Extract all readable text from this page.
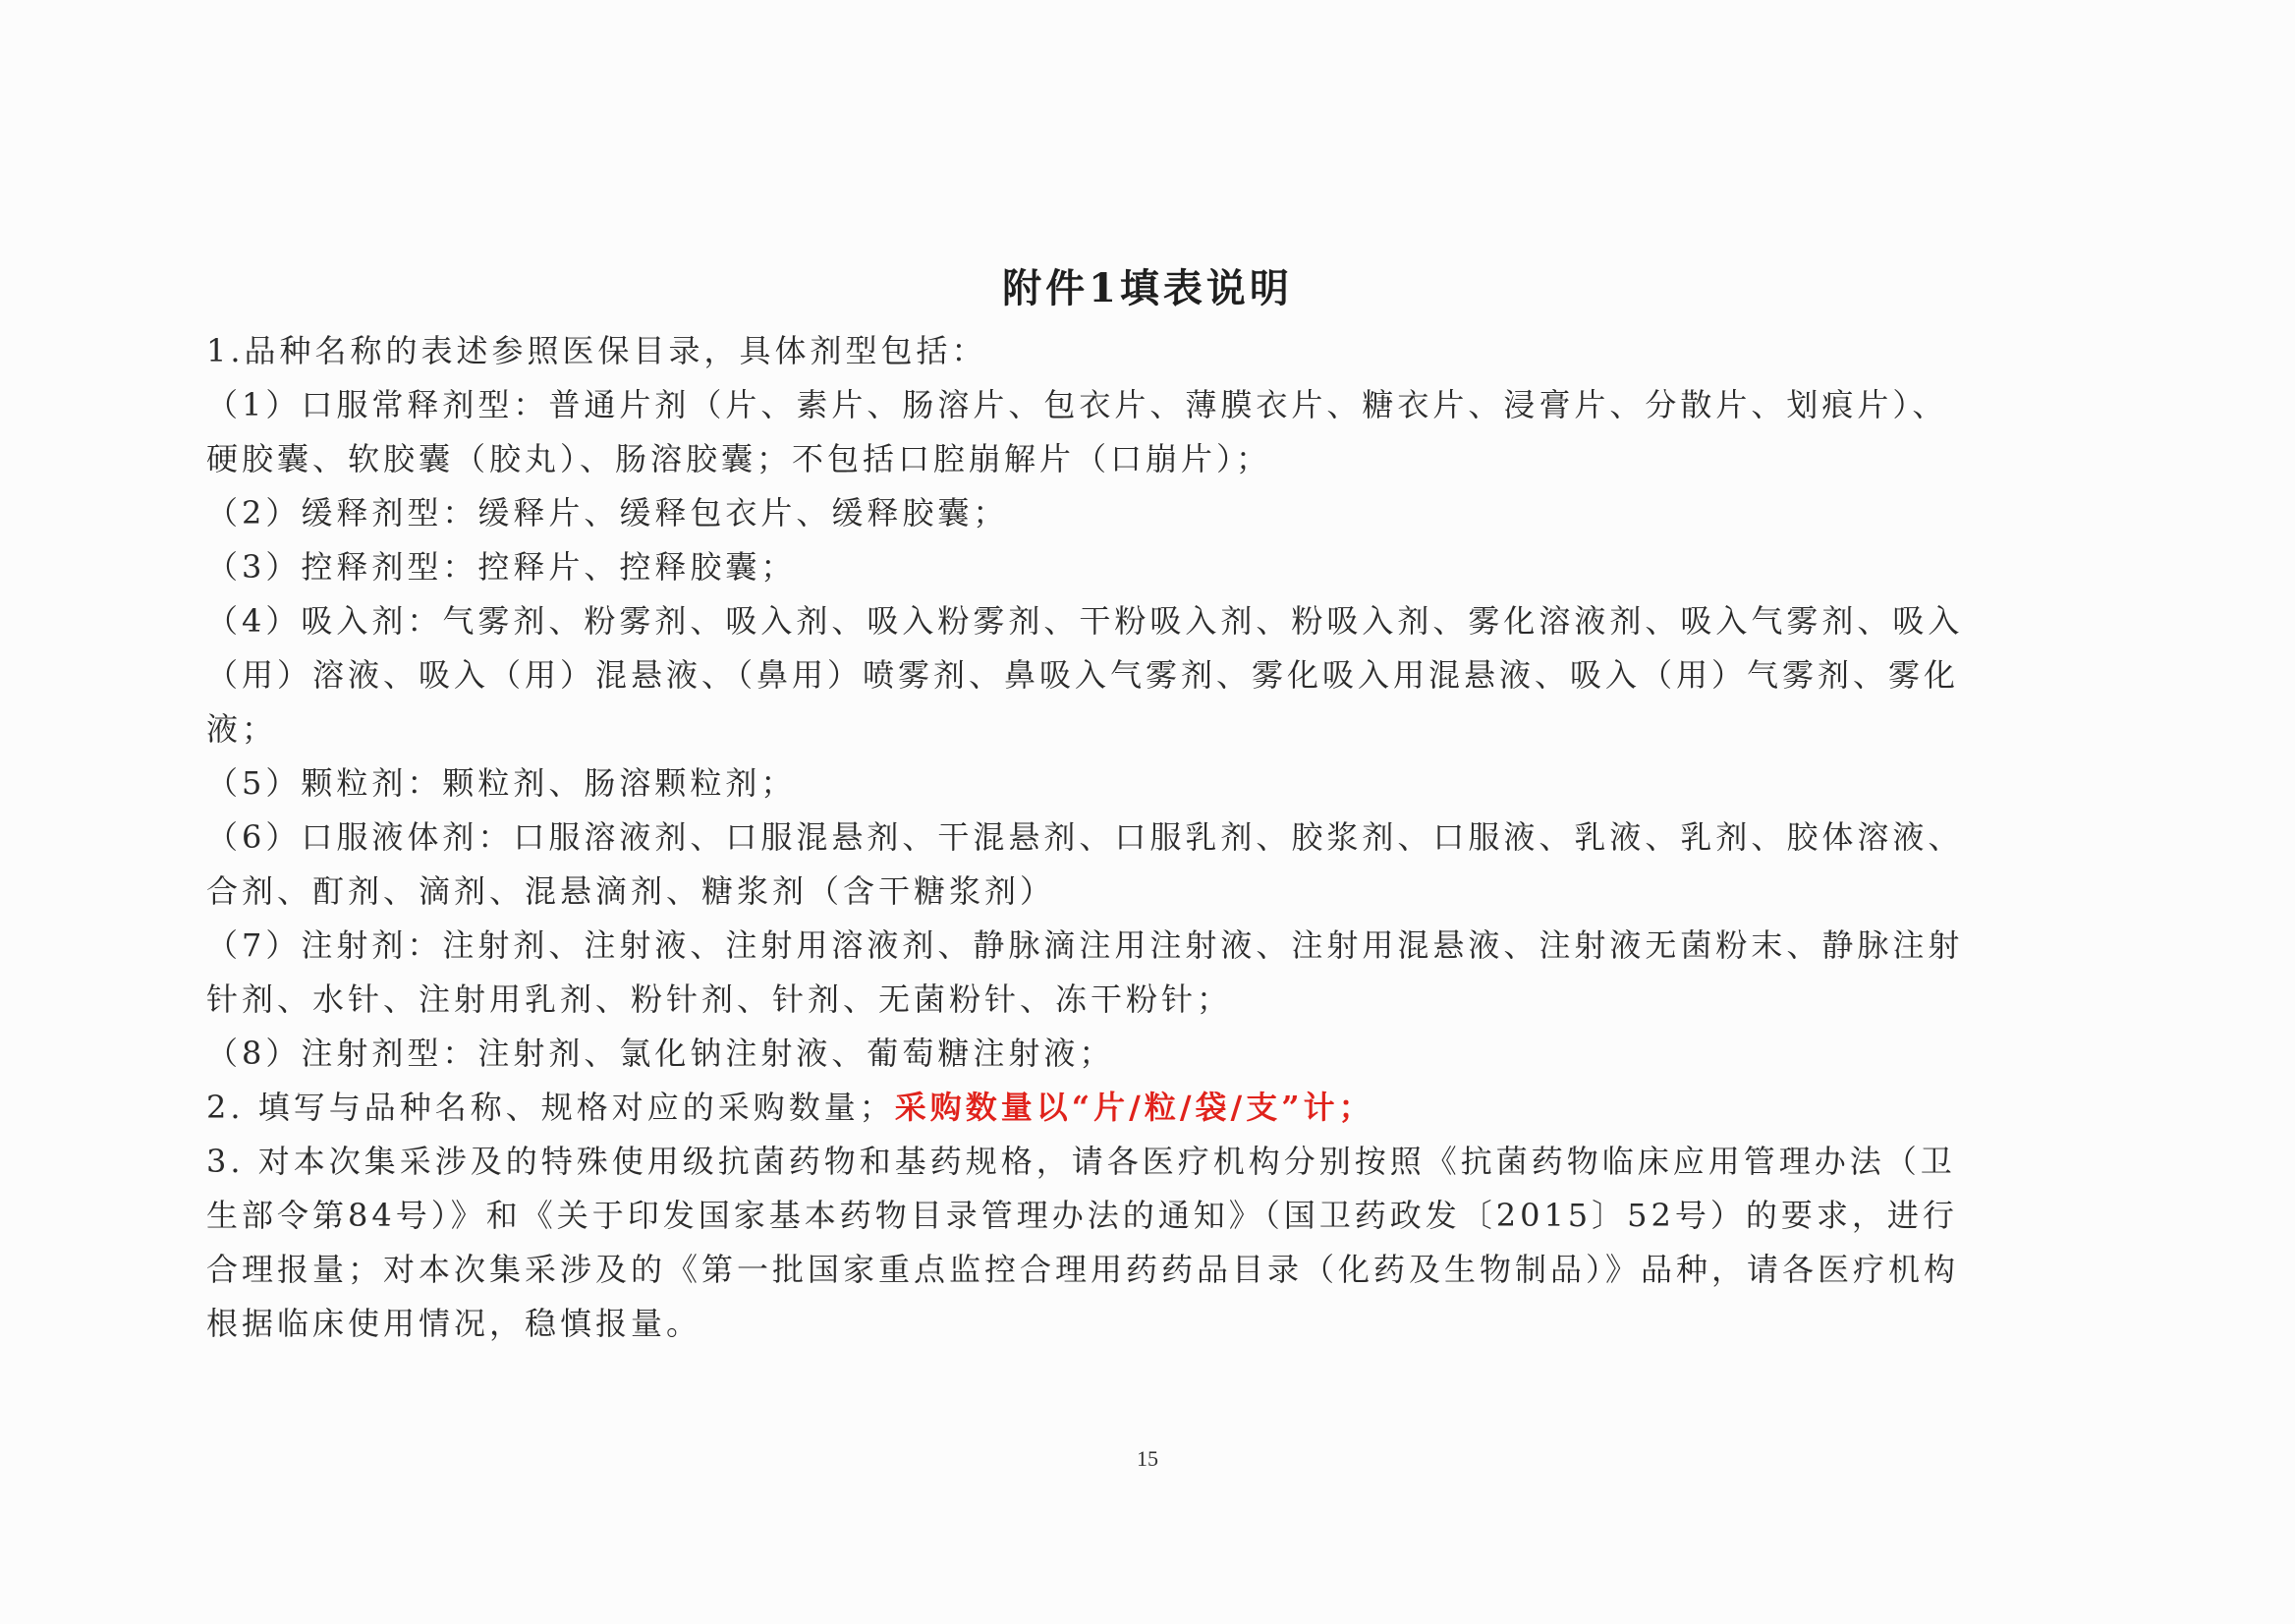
附件1填表说明
1.品种名称的表述参照医保目录，具体剂型包括：
（1）口服常释剂型：普通片剂（片、素片、肠溶片、包衣片、薄膜衣片、糖衣片、浸膏片、分散片、划痕片）、
硬胶囊、软胶囊（胶丸）、肠溶胶囊；不包括口腔崩解片（口崩片）；
（2）缓释剂型：缓释片、缓释包衣片、缓释胶囊；
（3）控释剂型：控释片、控释胶囊；
（4）吸入剂：气雾剂、粉雾剂、吸入剂、吸入粉雾剂、干粉吸入剂、粉吸入剂、雾化溶液剂、吸入气雾剂、吸入
（用）溶液、吸入（用）混悬液、（鼻用）喷雾剂、鼻吸入气雾剂、雾化吸入用混悬液、吸入（用）气雾剂、雾化
液；
（5）颗粒剂：颗粒剂、肠溶颗粒剂；
（6）口服液体剂：口服溶液剂、口服混悬剂、干混悬剂、口服乳剂、胶浆剂、口服液、乳液、乳剂、胶体溶液、
合剂、酊剂、滴剂、混悬滴剂、糖浆剂（含干糖浆剂）
（7）注射剂：注射剂、注射液、注射用溶液剂、静脉滴注用注射液、注射用混悬液、注射液无菌粉末、静脉注射
针剂、水针、注射用乳剂、粉针剂、针剂、无菌粉针、冻干粉针；
（8）注射剂型：注射剂、氯化钠注射液、葡萄糖注射液；
2. 填写与品种名称、规格对应的采购数量；采购数量以“片/粒/袋/支”计；
3. 对本次集采涉及的特殊使用级抗菌药物和基药规格，请各医疗机构分别按照《抗菌药物临床应用管理办法（卫
生部令第84号）》和《关于印发国家基本药物目录管理办法的通知》（国卫药政发〔2015〕52号）的要求，进行
合理报量；对本次集采涉及的《第一批国家重点监控合理用药药品目录（化药及生物制品）》品种，请各医疗机构
根据临床使用情况，稳慎报量。
15
